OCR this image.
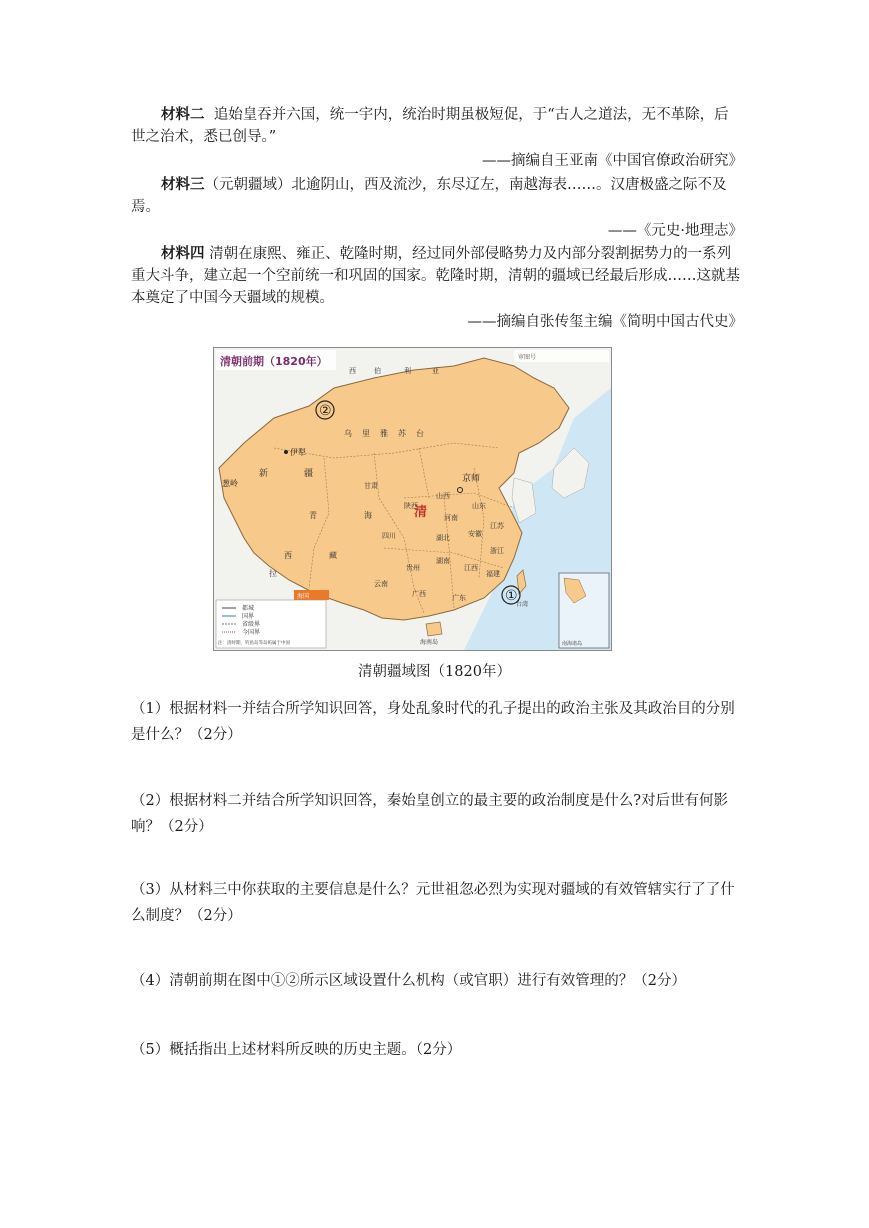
材料二 追始皇吞并六国，统一宇内，统治时期虽极短促，于“古人之道法，无不革除，后世之治术，悉已创导。”
——摘编自王亚南《中国官僚政治研究》
材料三（元朝疆域）北逾阴山，西及流沙，东尽辽左，南越海表……。汉唐极盛之际不及焉。
——《元史·地理志》
材料四 清朝在康熙、雍正、乾隆时期，经过同外部侵略势力及内部分裂割据势力的一系列重大斗争，建立起一个空前统一和巩固的国家。乾隆时期，清朝的疆域已经最后形成……这就基本奠定了中国今天疆域的规模。
——摘编自张传玺主编《简明中国古代史》
清朝前期（1820年）	审图号
西	伯	利	亚
②
①
伊犁
葱岭
新	疆
乌 里 雅 苏 台
京师
清
青	海
西	藏
拉
甘肃
四川
云南
贵州
广西	广东
福建
江西
湖南
湖北
河南
陕西
山西
山东
安徽
浙江
江苏
台湾
海南岛	南海诸岛
海国
都城
国界
省级界
今国界
注：清时期，钓鱼岛等岛屿属于中国
清朝疆域图（1820年）
（1）根据材料一并结合所学知识回答，身处乱象时代的孔子提出的政治主张及其政治目的分别是什么？（2分）
（2）根据材料二并结合所学知识回答，秦始皇创立的最主要的政治制度是什么?对后世有何影响？（2分）
（3）从材料三中你获取的主要信息是什么？元世祖忽必烈为实现对疆域的有效管辖实行了了什么制度？（2分）
（4）清朝前期在图中①②所示区域设置什么机构（或官职）进行有效管理的？（2分）
（5）概括指出上述材料所反映的历史主题。（2分）
